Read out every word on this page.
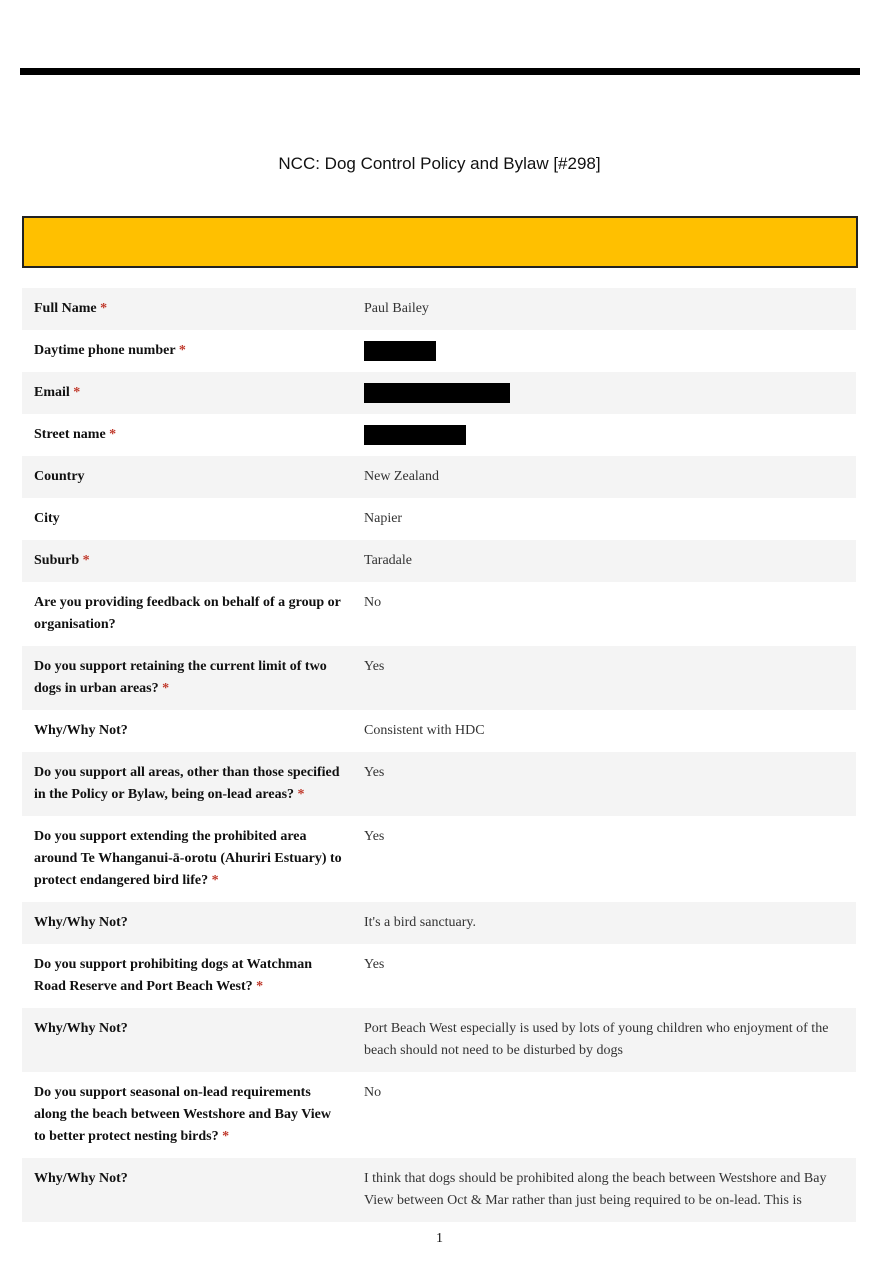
NCC: Dog Control Policy and Bylaw [#298]
Full Name *	Paul Bailey
Daytime phone number *	
Email *	
Street name *	
Country	New Zealand
City	Napier
Suburb *	Taradale
Are you providing feedback on behalf of a group or organisation?	No
Do you support retaining the current limit of two dogs in urban areas? *	Yes
Why/Why Not?	Consistent with HDC
Do you support all areas, other than those specified in the Policy or Bylaw, being on-lead areas? *	Yes
Do you support extending the prohibited area around Te Whanganui-ā-orotu (Ahuriri Estuary) to protect endangered bird life? *	Yes
Why/Why Not?	It's a bird sanctuary.
Do you support prohibiting dogs at Watchman Road Reserve and Port Beach West? *	Yes
Why/Why Not?	Port Beach West especially is used by lots of young children who enjoyment of the beach should not need to be disturbed by dogs
Do you support seasonal on-lead requirements along the beach between Westshore and Bay View to better protect nesting birds? *	No
Why/Why Not?	I think that dogs should be prohibited along the beach between Westshore and Bay View between Oct & Mar rather than just being required to be on-lead. This is
1
